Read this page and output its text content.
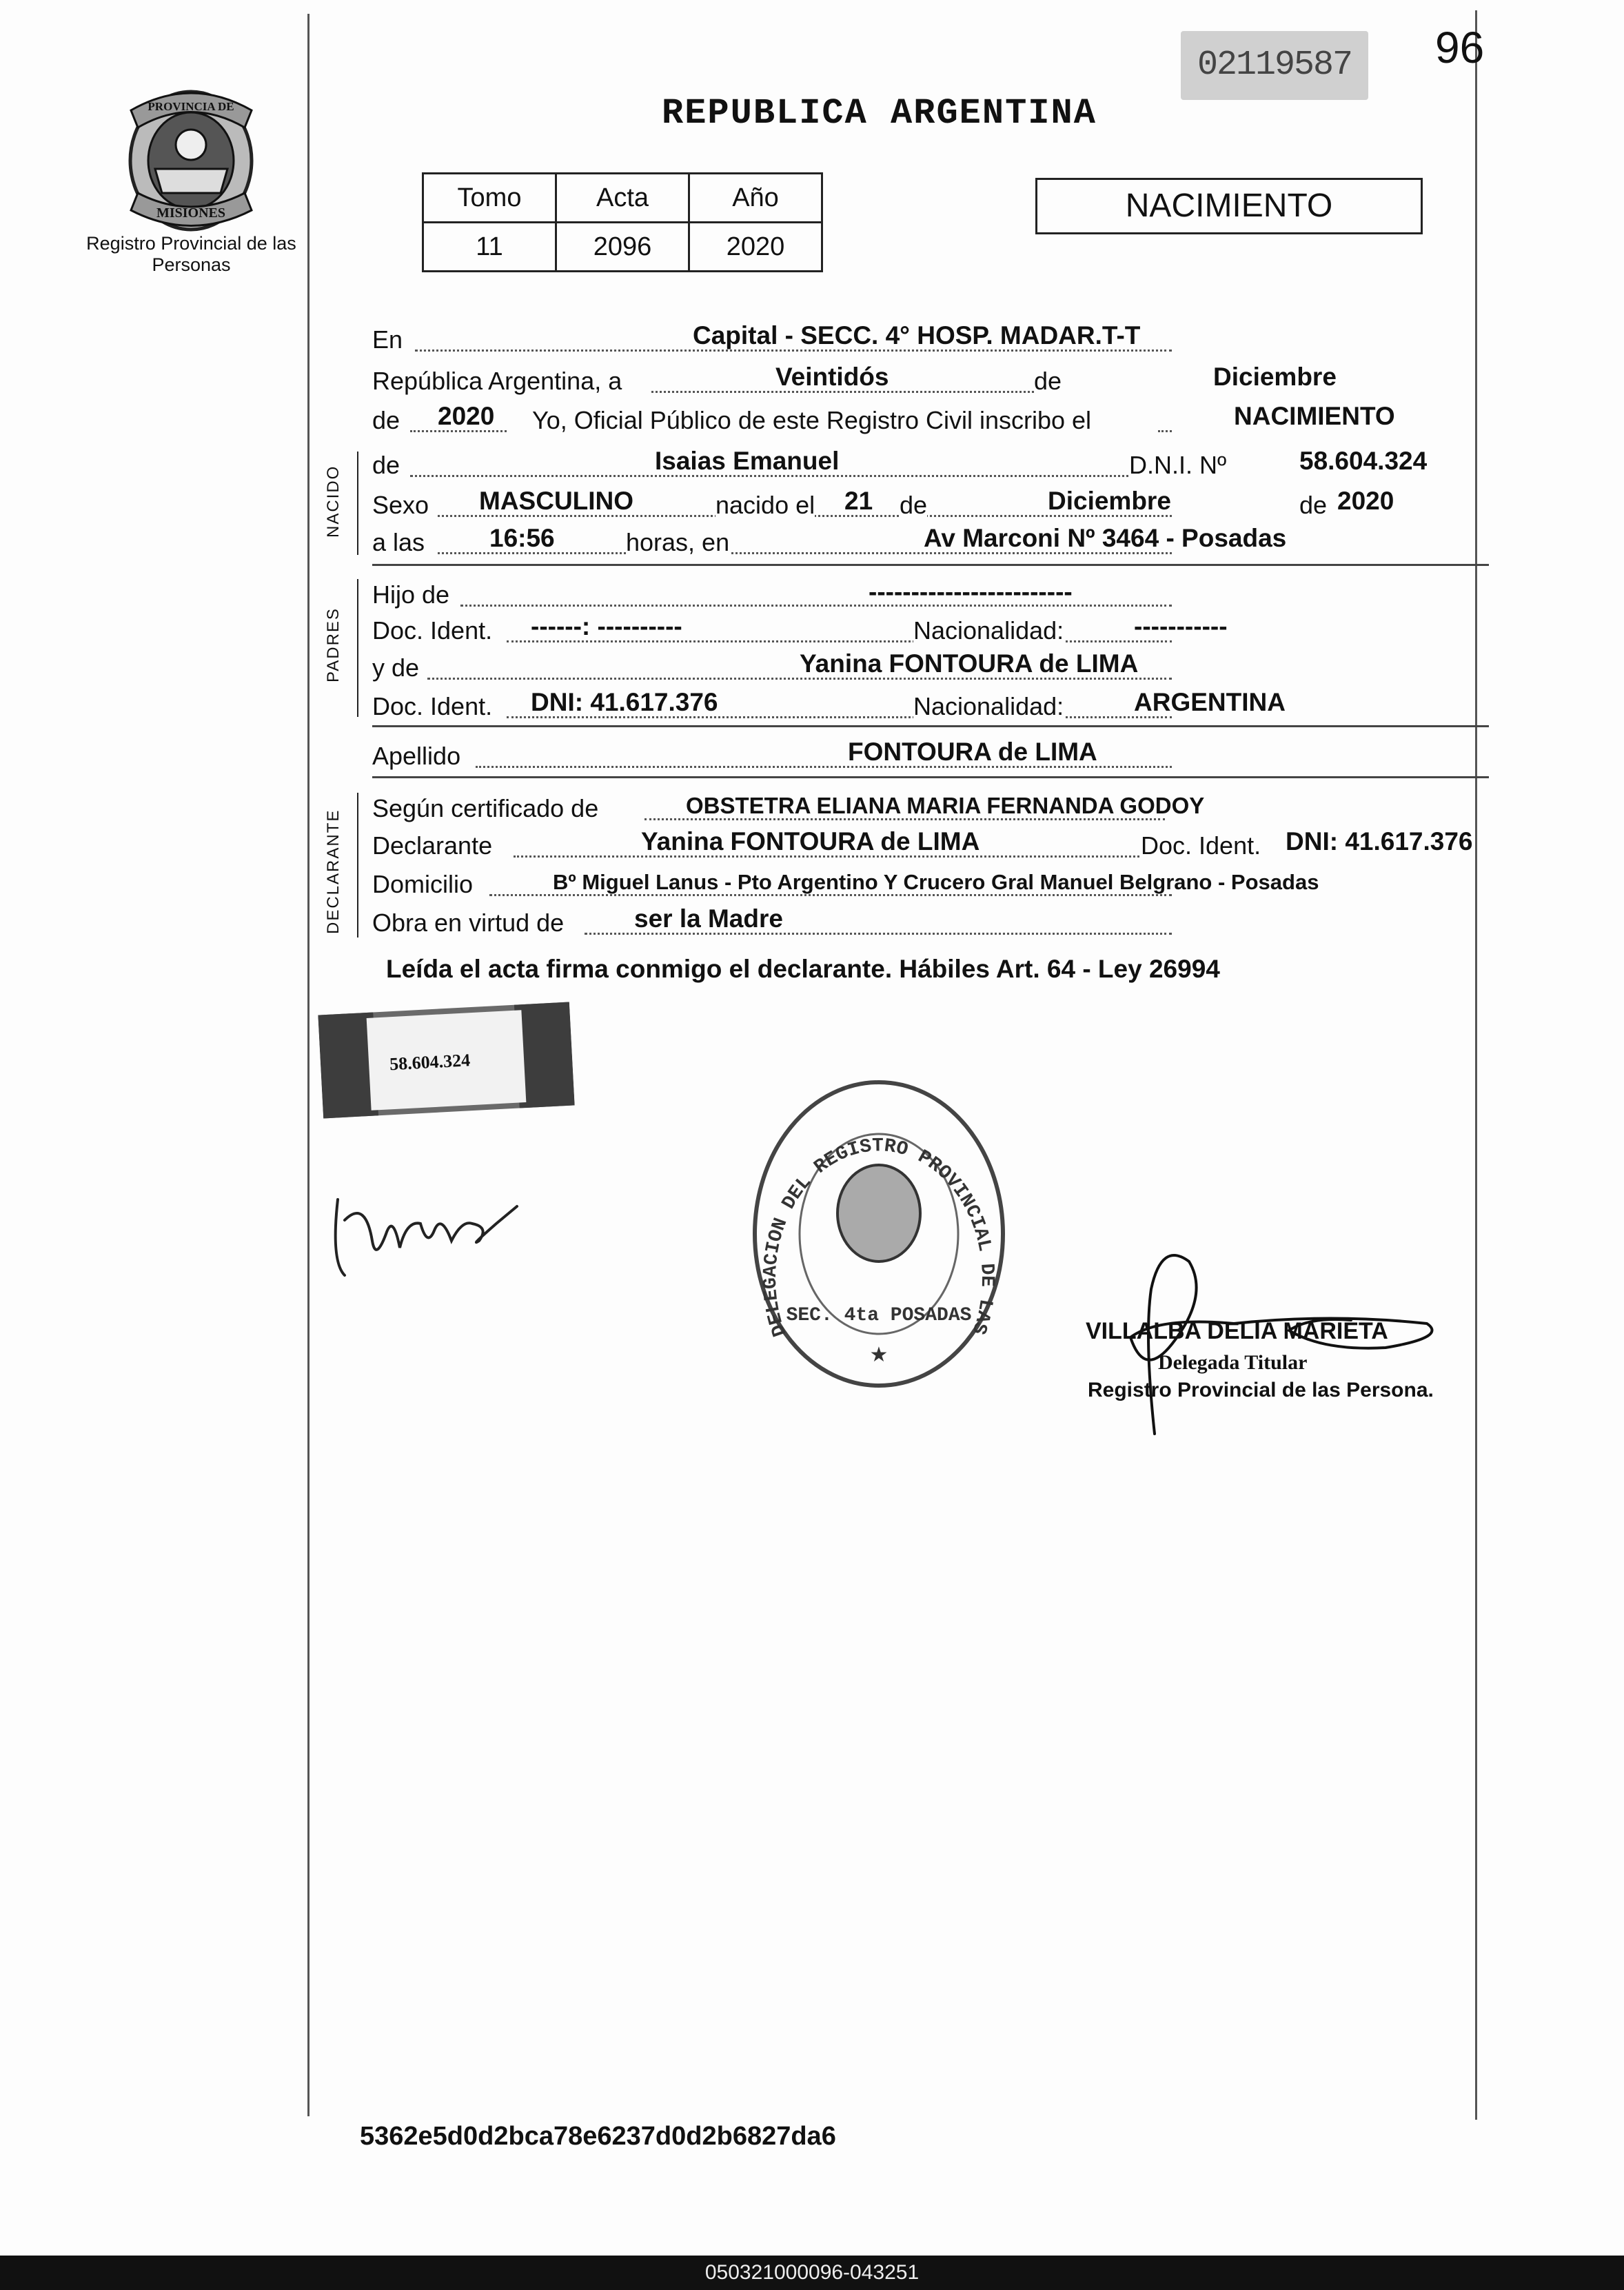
PROVINCIA DE
MISIONES
Registro Provincial de las Personas
02119587	96
REPUBLICA ARGENTINA
Tomo	Acta	Año
11	2096	2020
NACIMIENTO
En	Capital - SECC. 4° HOSP. MADAR.T-T
República Argentina, a	Veintidós	de	Diciembre
de 2020 Yo, Oficial Público de este Registro Civil inscribo el	NACIMIENTO
NACIDO
de	Isaias Emanuel	D.N.I. Nº	58.604.324
Sexo MASCULINO	nacido el 21 de	Diciembre	de 2020
a las	16:56	horas, en	Av Marconi Nº 3464 - Posadas
PADRES
Hijo de	------------------------
Doc. Ident. ------: ----------	Nacionalidad:	-----------
y de	Yanina FONTOURA de LIMA
Doc. Ident. DNI: 41.617.376	Nacionalidad:	ARGENTINA
Apellido	FONTOURA de LIMA
DECLARANTE
Según certificado de	OBSTETRA ELIANA MARIA FERNANDA GODOY
Declarante	Yanina FONTOURA de LIMA	Doc. Ident. DNI: 41.617.376
Domicilio	Bº Miguel Lanus - Pto Argentino Y Crucero Gral Manuel Belgrano - Posadas
Obra en virtud de	ser la Madre
Leída el acta firma conmigo el declarante. Hábiles Art. 64 - Ley 26994
58.604.324
DELEGACION DEL REGISTRO PROVINCIAL DE LAS
SEC. 4ta POSADAS
★
VILLALBA DELIA MARIETA
Delegada Titular
Registro Provincial de las Persona.
5362e5d0d2bca78e6237d0d2b6827da6
050321000096-043251
